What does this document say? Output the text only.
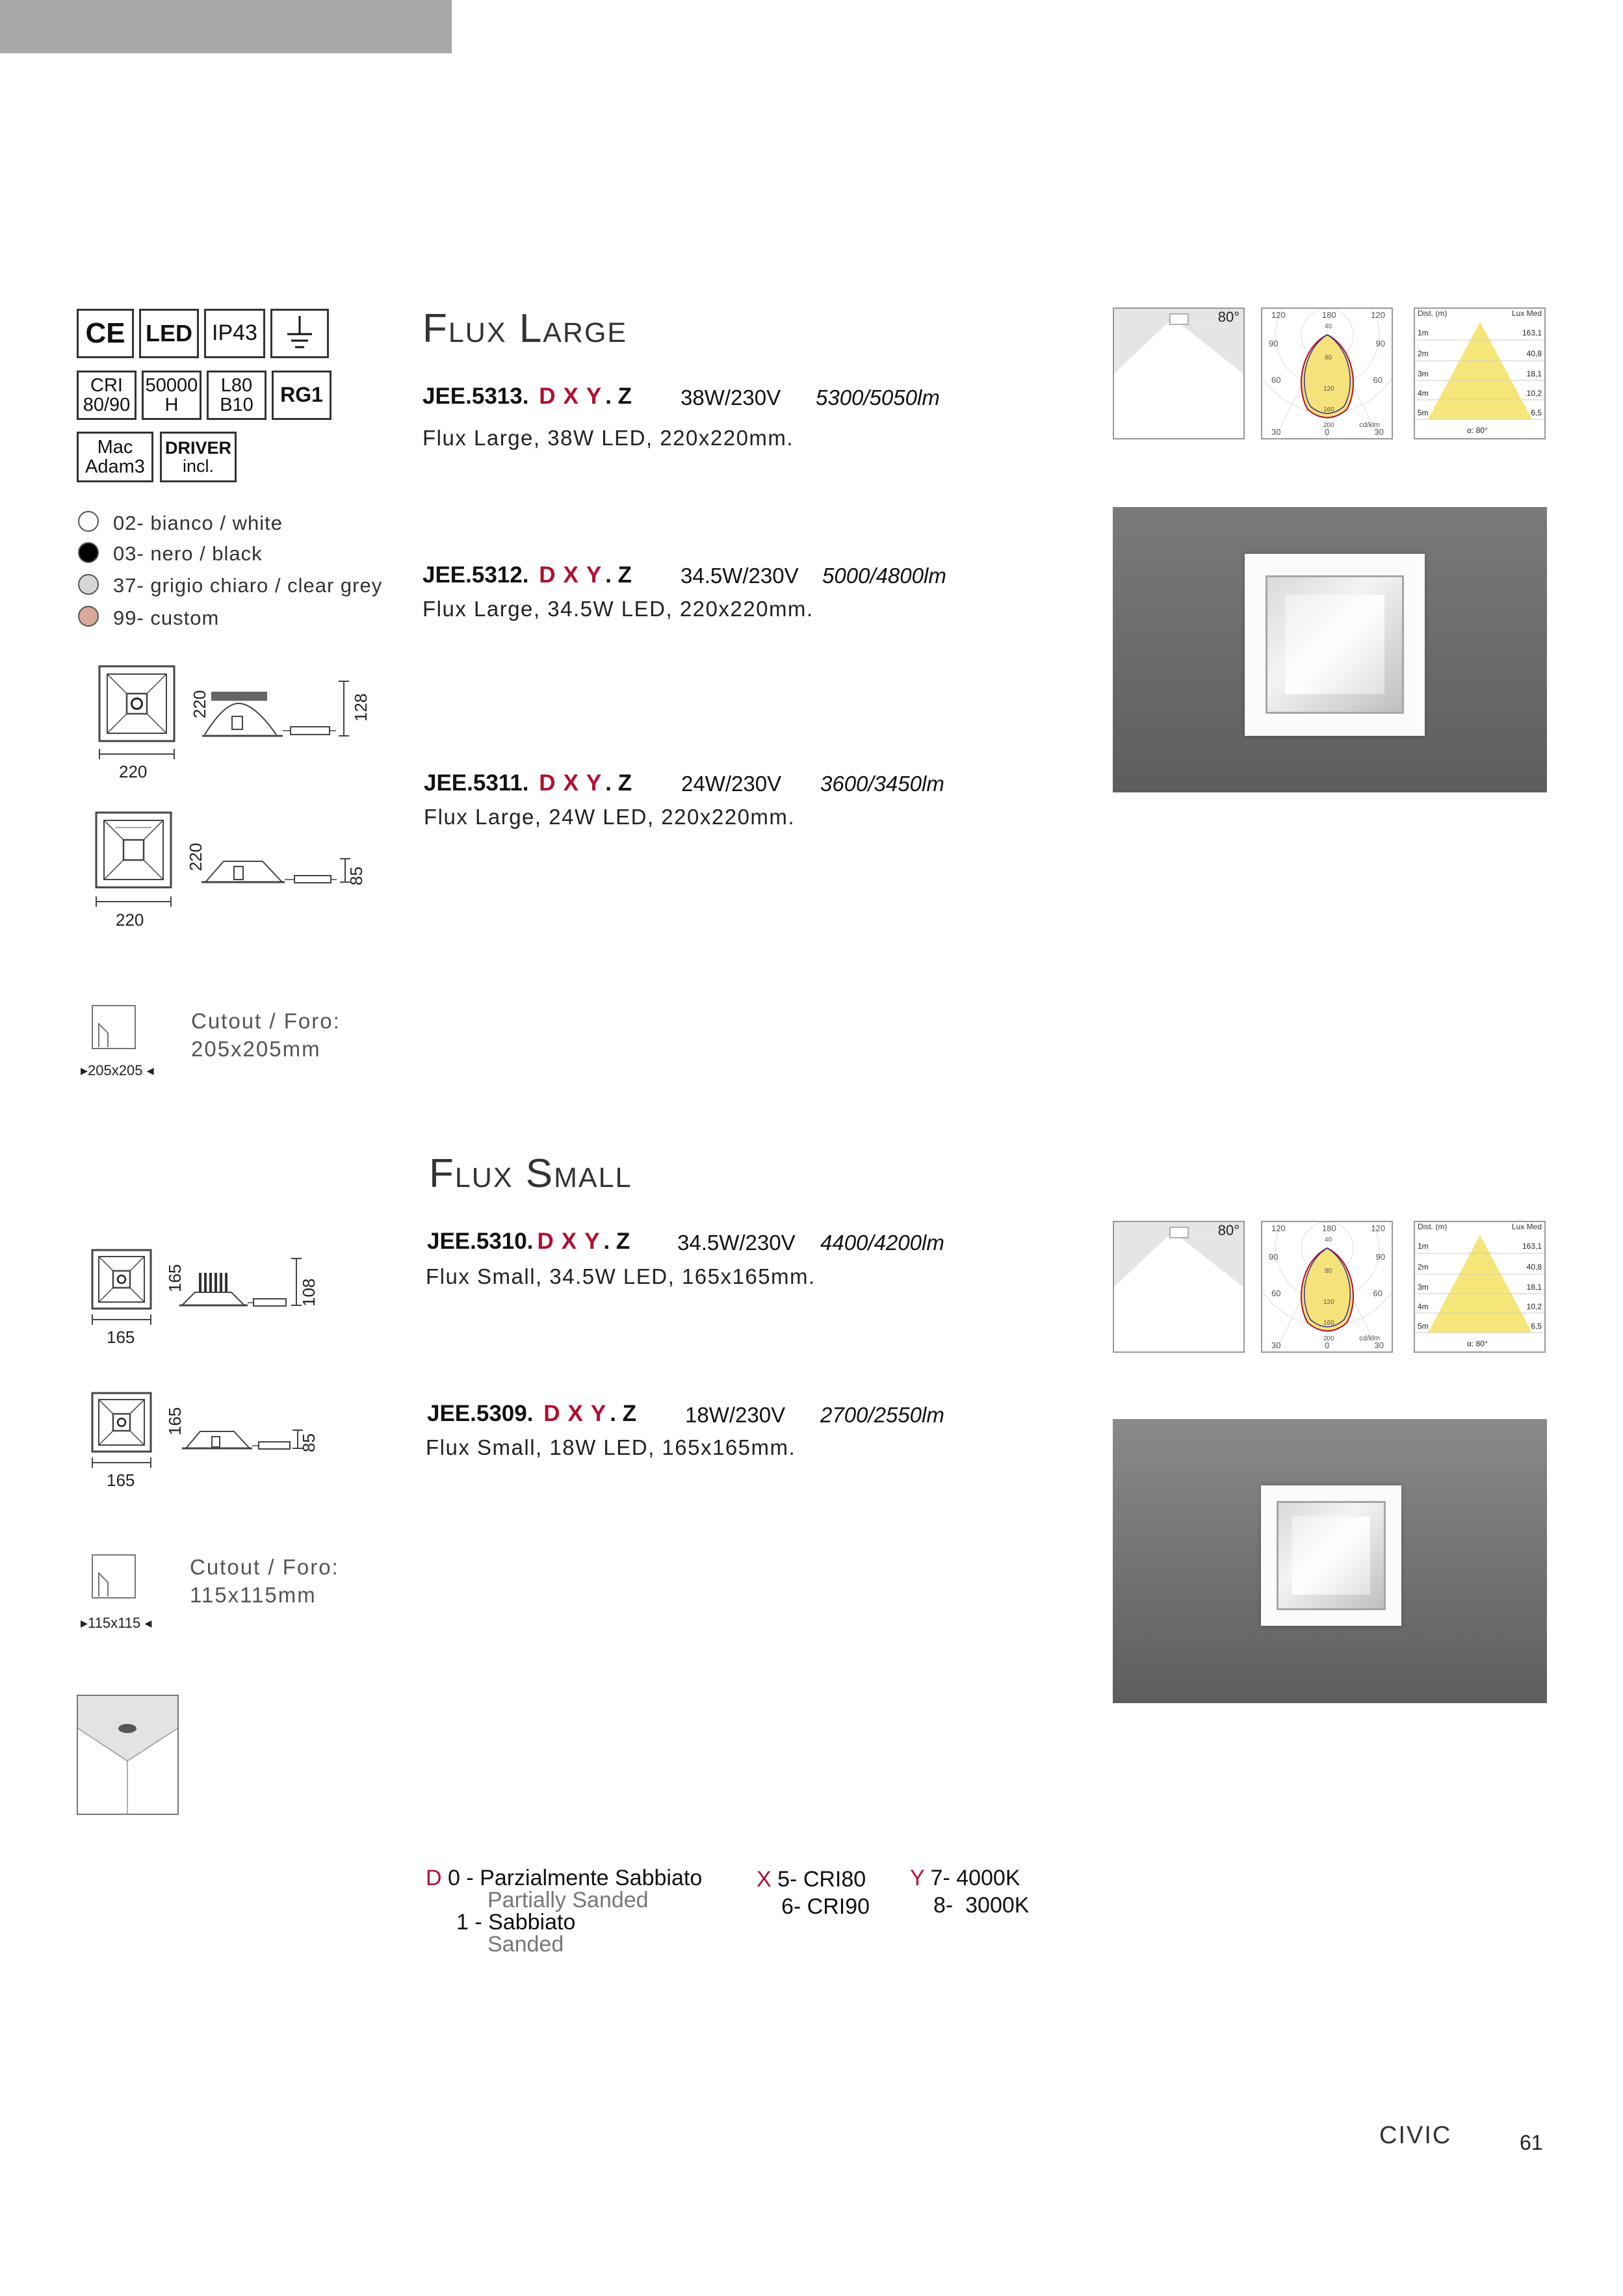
Flux
CE LED IP43
CRI
80/90
50000
H
L80
B10 RG1
Mac
Adam3
DRIVER
incl.
02- bianco / white
03- nero / black
37- grigio chiaro / clear grey
99- custom
220
220	128
220
220
85
▸205x205 ◂
Cutout / Foro:
205x205mm
Flux Large
JEE.5313. D X Y . Z 38W/230V 5300/5050lm
Flux Large, 38W LED, 220x220mm.
JEE.5312. D X Y . Z 34.5W/230V 5000/4800lm
Flux Large, 34.5W LED, 220x220mm.
JEE.5311. D X Y . Z 24W/230V 3600/3450lm
Flux Large, 24W LED, 220x220mm.
80°	120	180	120
90	90
60	60
40
80
120
160
200
30	0	30
cd/klm
Dist. (m)	Lux Med
1m	163,1
2m	40,8
3m	18,1
4m	10,2
5m	6,5
α: 80°
Flux Small
JEE.5310. D X Y . Z 34.5W/230V 4400/4200lm
Flux Small, 34.5W LED, 165x165mm.
JEE.5309. D X Y . Z 18W/230V 2700/2550lm
Flux Small, 18W LED, 165x165mm.
165
165
108
165
165
85
▸115x115 ◂
Cutout / Foro:
115x115mm
80°	120	180	120
90	90
60	60
40
80
120
160
200
30	0	30
cd/klm
Dist. (m)	Lux Med
1m	163,1
2m	40,8
3m	18,1
4m	10,2
5m	6,5
α: 80°
D 0 - Parzialmente Sabbiato
Partially Sanded
1 - Sabbiato
Sanded
X 5- CRI80
6- CRI90
Y 7- 4000K
8-  3000K
CIVIC	61
